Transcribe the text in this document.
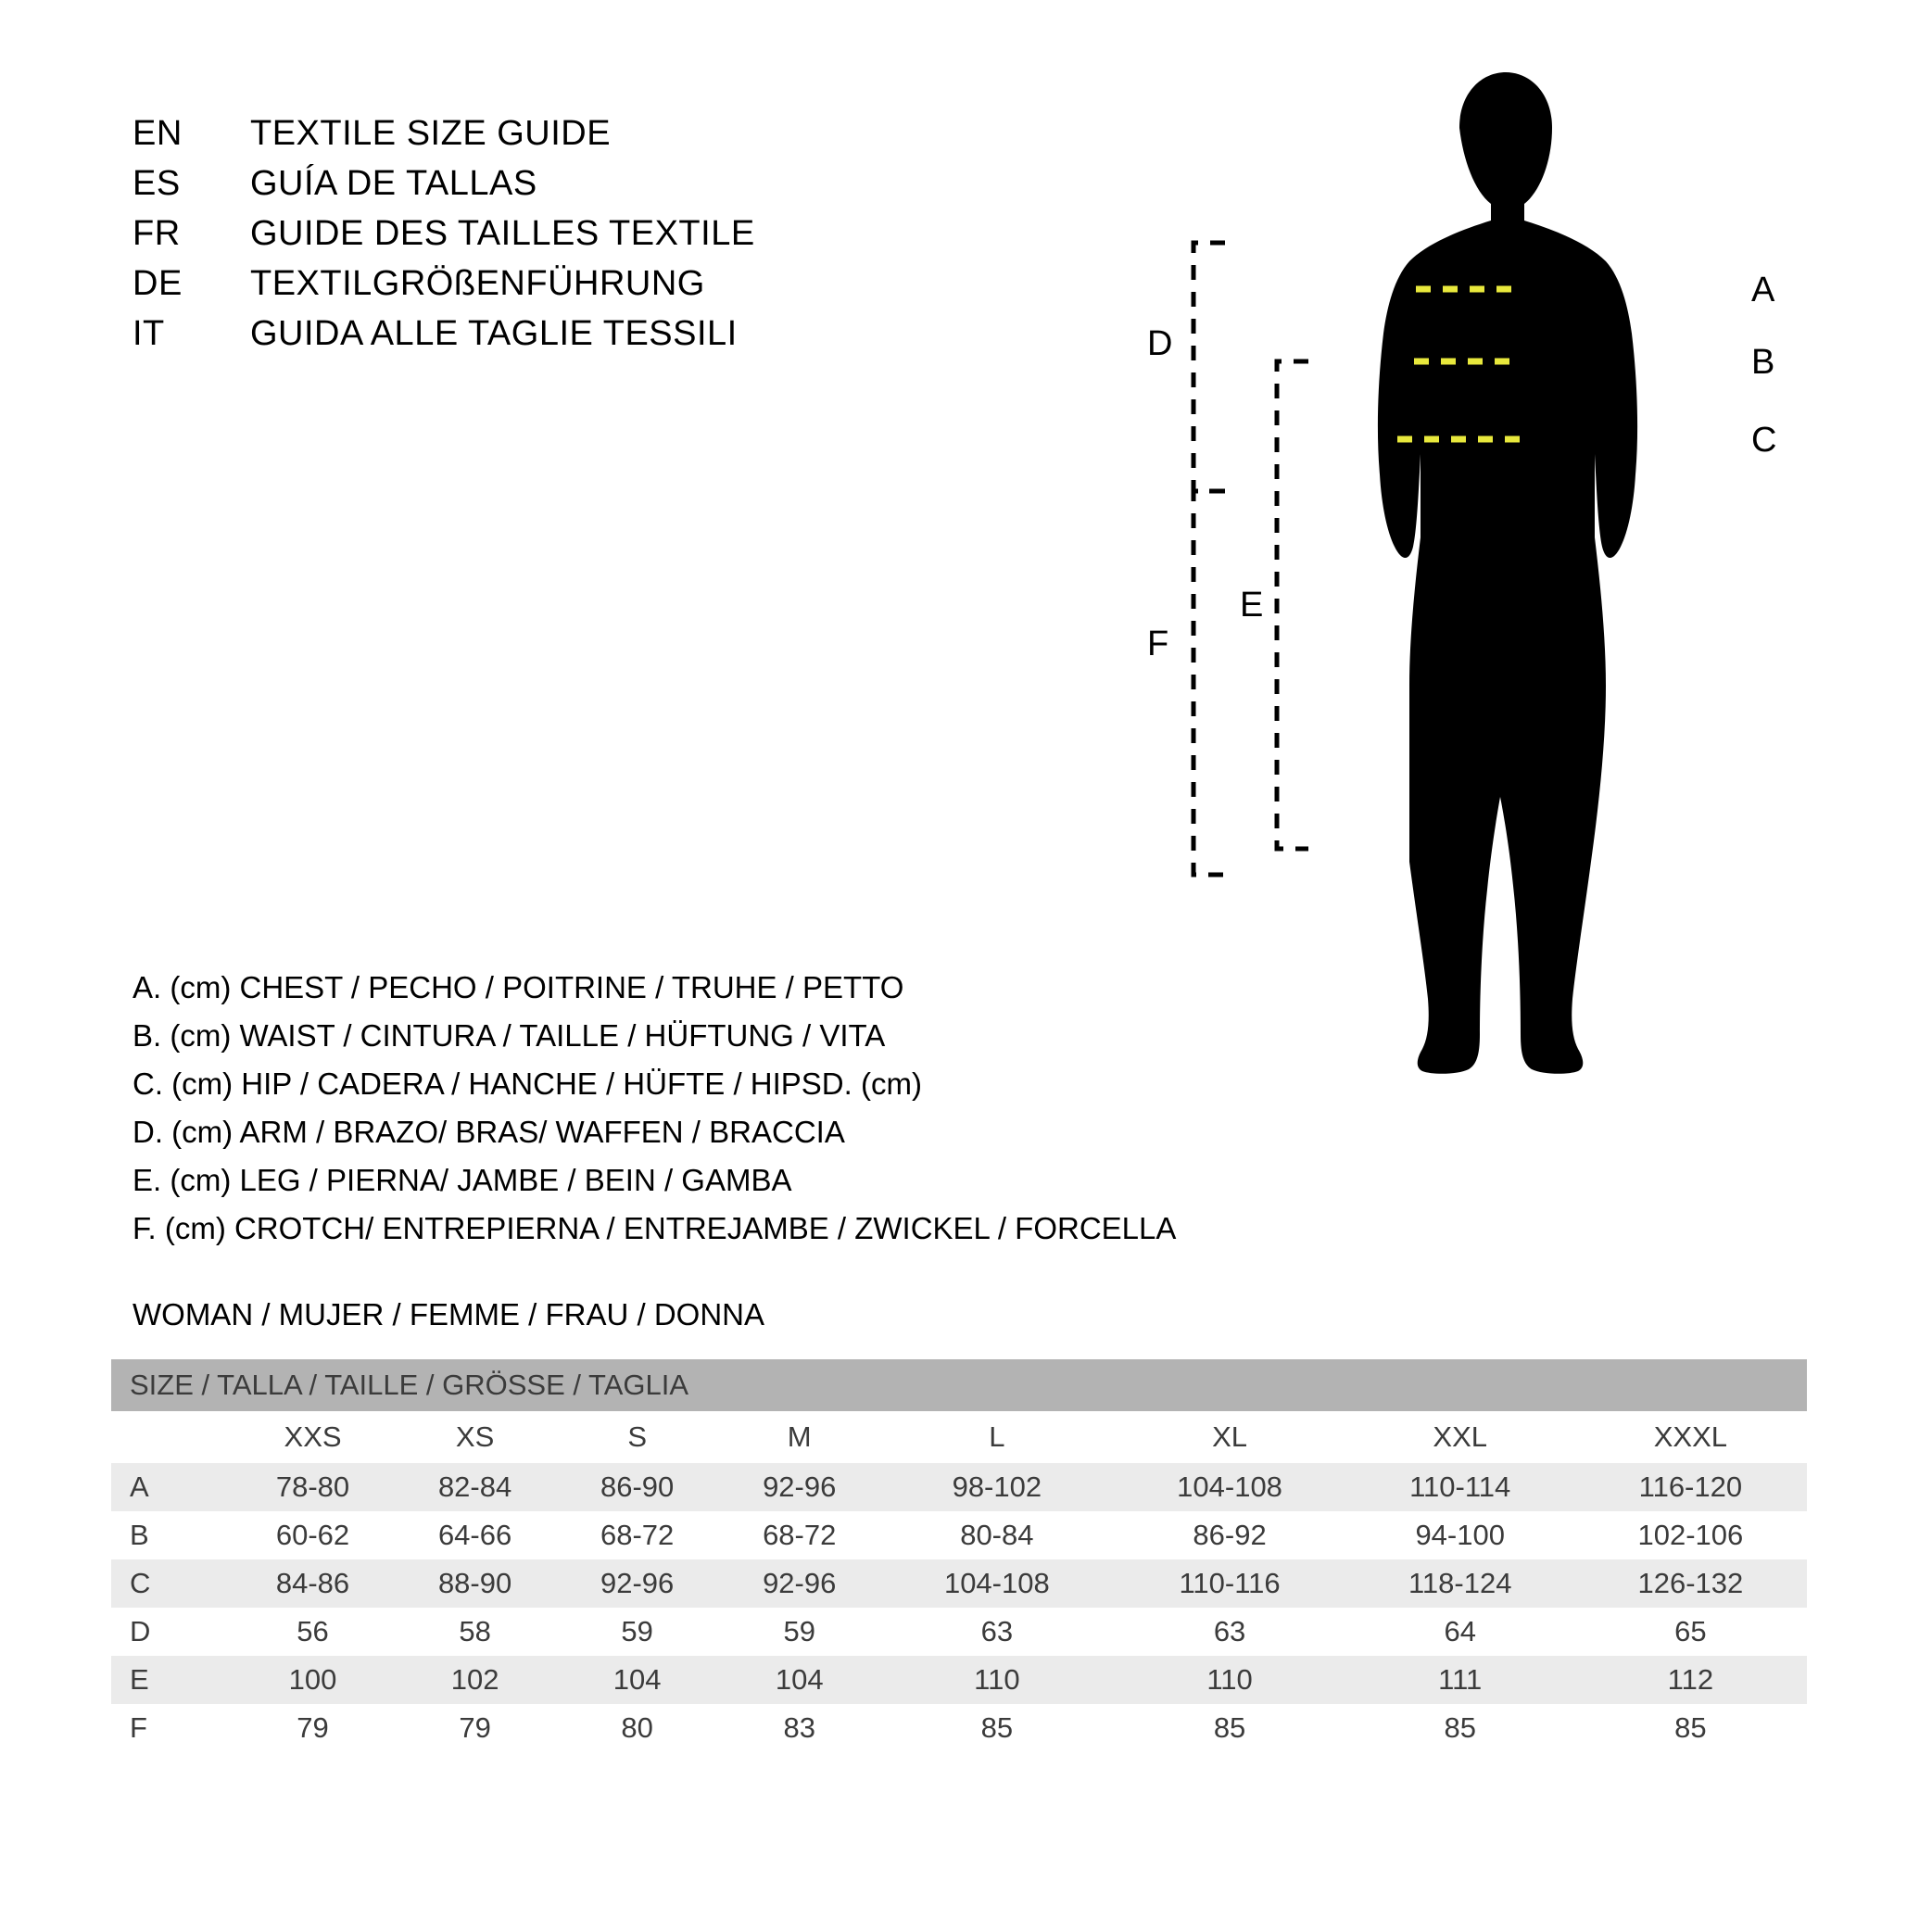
EN	TEXTILE SIZE GUIDE
ES	GUÍA DE TALLAS
FR	GUIDE DES TAILLES TEXTILE
DE	TEXTILGRÖßENFÜHRUNG
IT	GUIDA ALLE TAGLIE TESSILI
A
B
C
D
E
F
A. (cm) CHEST / PECHO / POITRINE / TRUHE / PETTO
B. (cm) WAIST / CINTURA / TAILLE / HÜFTUNG / VITA
C. (cm) HIP / CADERA / HANCHE / HÜFTE / HIPSD. (cm)
D. (cm) ARM / BRAZO/ BRAS/ WAFFEN / BRACCIA
E. (cm) LEG / PIERNA/ JAMBE / BEIN / GAMBA
F. (cm) CROTCH/ ENTREPIERNA / ENTREJAMBE / ZWICKEL / FORCELLA
WOMAN / MUJER / FEMME / FRAU / DONNA
SIZE / TALLA / TAILLE / GRÖSSE / TAGLIA								
	XXS	XS	S	M	L	XL	XXL	XXXL
A	78-80	82-84	86-90	92-96	98-102	104-108	110-114	116-120
B	60-62	64-66	68-72	68-72	80-84	86-92	94-100	102-106
C	84-86	88-90	92-96	92-96	104-108	110-116	118-124	126-132
D	56	58	59	59	63	63	64	65
E	100	102	104	104	110	110	111	112
F	79	79	80	83	85	85	85	85
